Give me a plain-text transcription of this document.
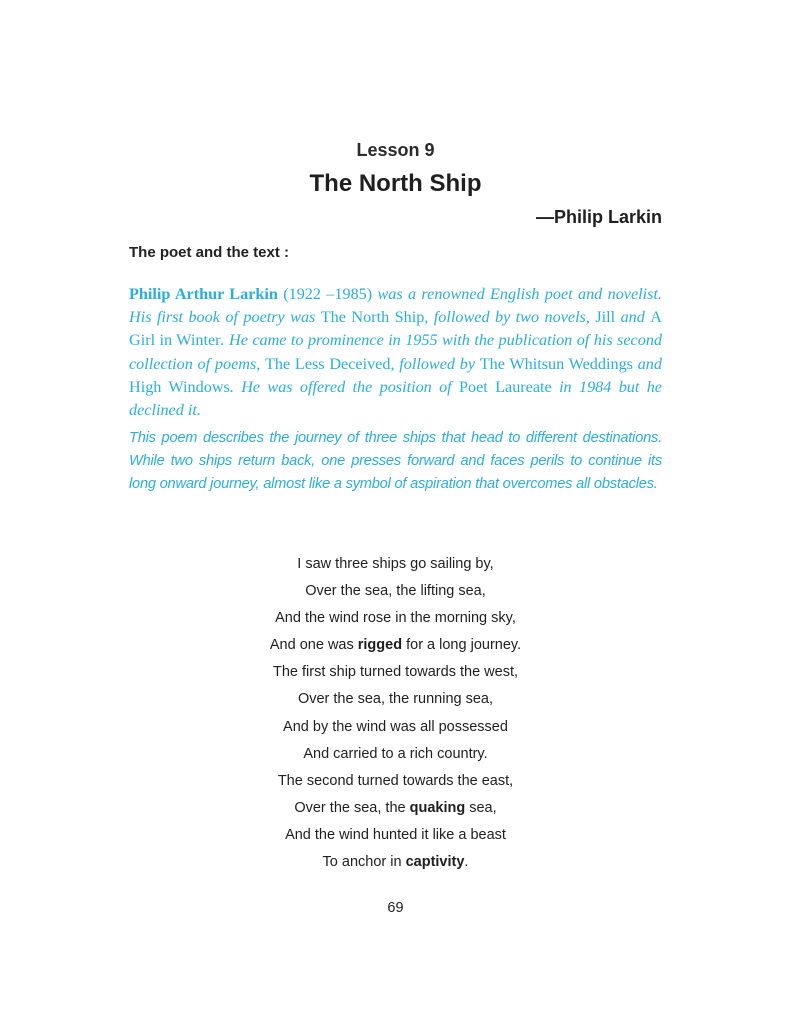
Lesson 9
The North Ship
—Philip Larkin
The poet and the text :

Philip Arthur Larkin (1922 –1985) was a renowned English poet and novelist. His first book of poetry was The North Ship, followed by two novels, Jill and A Girl in Winter. He came to prominence in 1955 with the publication of his second collection of poems, The Less Deceived, followed by The Whitsun Weddings and High Windows. He was offered the position of Poet Laureate in 1984 but he declined it.

This poem describes the journey of three ships that head to different destinations. While two ships return back, one presses forward and faces perils to continue its long onward journey, almost like a symbol of aspiration that overcomes all obstacles.

I saw three ships go sailing by,
Over the sea, the lifting sea,
And the wind rose in the morning sky,
And one was rigged for a long journey.
The first ship turned towards the west,
Over the sea, the running sea,
And by the wind was all possessed
And carried to a rich country.
The second turned towards the east,
Over the sea, the quaking sea,
And the wind hunted it like a beast
To anchor in captivity.
69
